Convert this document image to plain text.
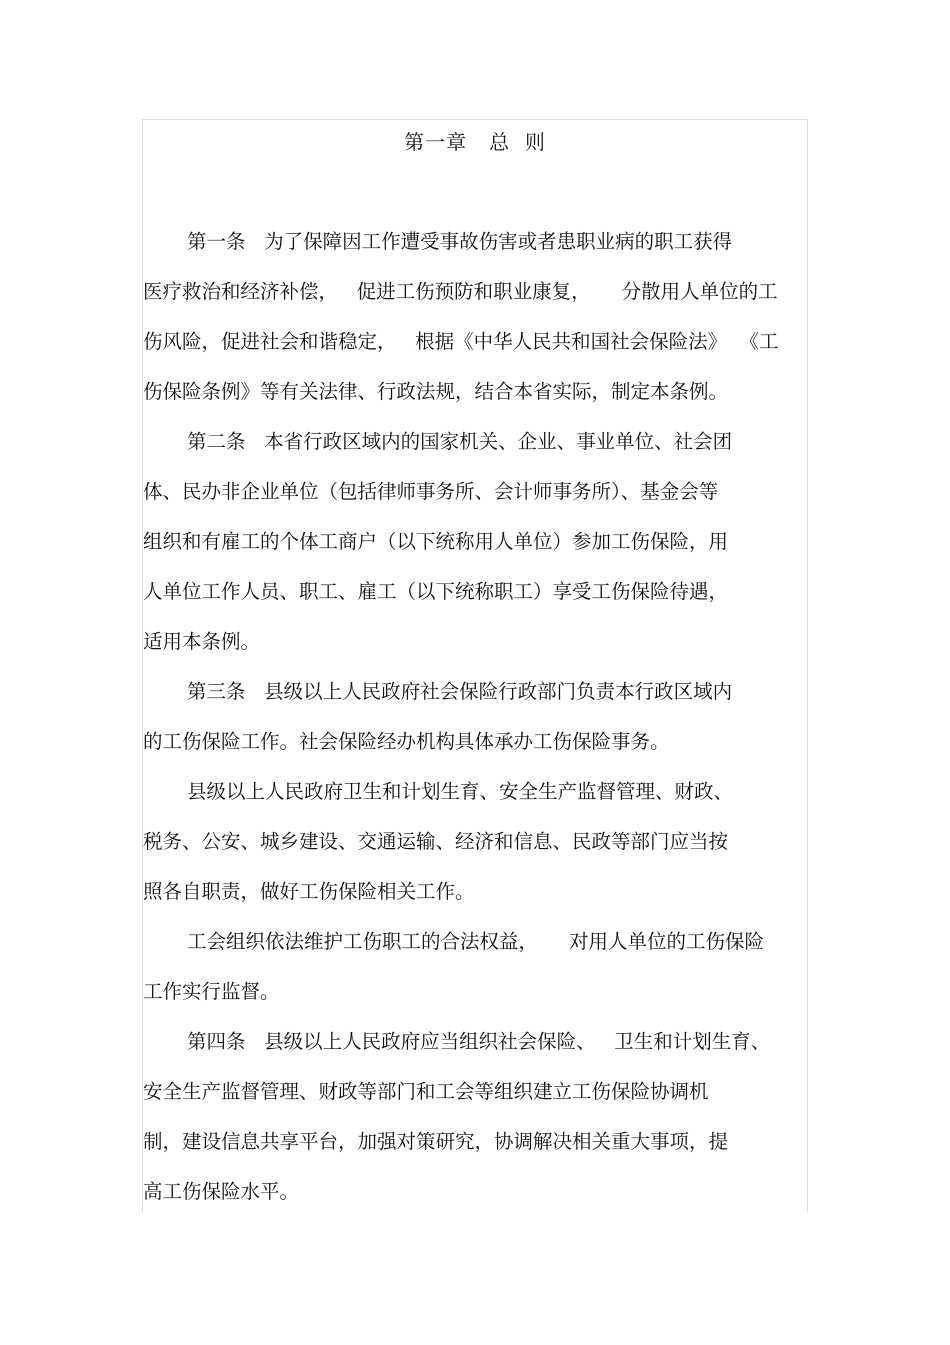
第一章   总  则
第一条   为了保障因工作遭受事故伤害或者患职业病的职工获得
医疗救治和经济补偿，   促进工伤预防和职业康复，     分散用人单位的工
伤风险，促进社会和谐稳定，   根据《中华人民共和国社会保险法》  《工
伤保险条例》等有关法律、行政法规，结合本省实际，制定本条例。
第二条   本省行政区域内的国家机关、企业、事业单位、社会团
体、民办非企业单位（包括律师事务所、会计师事务所）、基金会等
组织和有雇工的个体工商户（以下统称用人单位）参加工伤保险，用
人单位工作人员、职工、雇工（以下统称职工）享受工伤保险待遇，
适用本条例。
第三条   县级以上人民政府社会保险行政部门负责本行政区域内
的工伤保险工作。社会保险经办机构具体承办工伤保险事务。
县级以上人民政府卫生和计划生育、安全生产监督管理、财政、
税务、公安、城乡建设、交通运输、经济和信息、民政等部门应当按
照各自职责，做好工伤保险相关工作。
工会组织依法维护工伤职工的合法权益，     对用人单位的工伤保险
工作实行监督。
第四条   县级以上人民政府应当组织社会保险、   卫生和计划生育、
安全生产监督管理、财政等部门和工会等组织建立工伤保险协调机
制，建设信息共享平台，加强对策研究，协调解决相关重大事项，提
高工伤保险水平。
